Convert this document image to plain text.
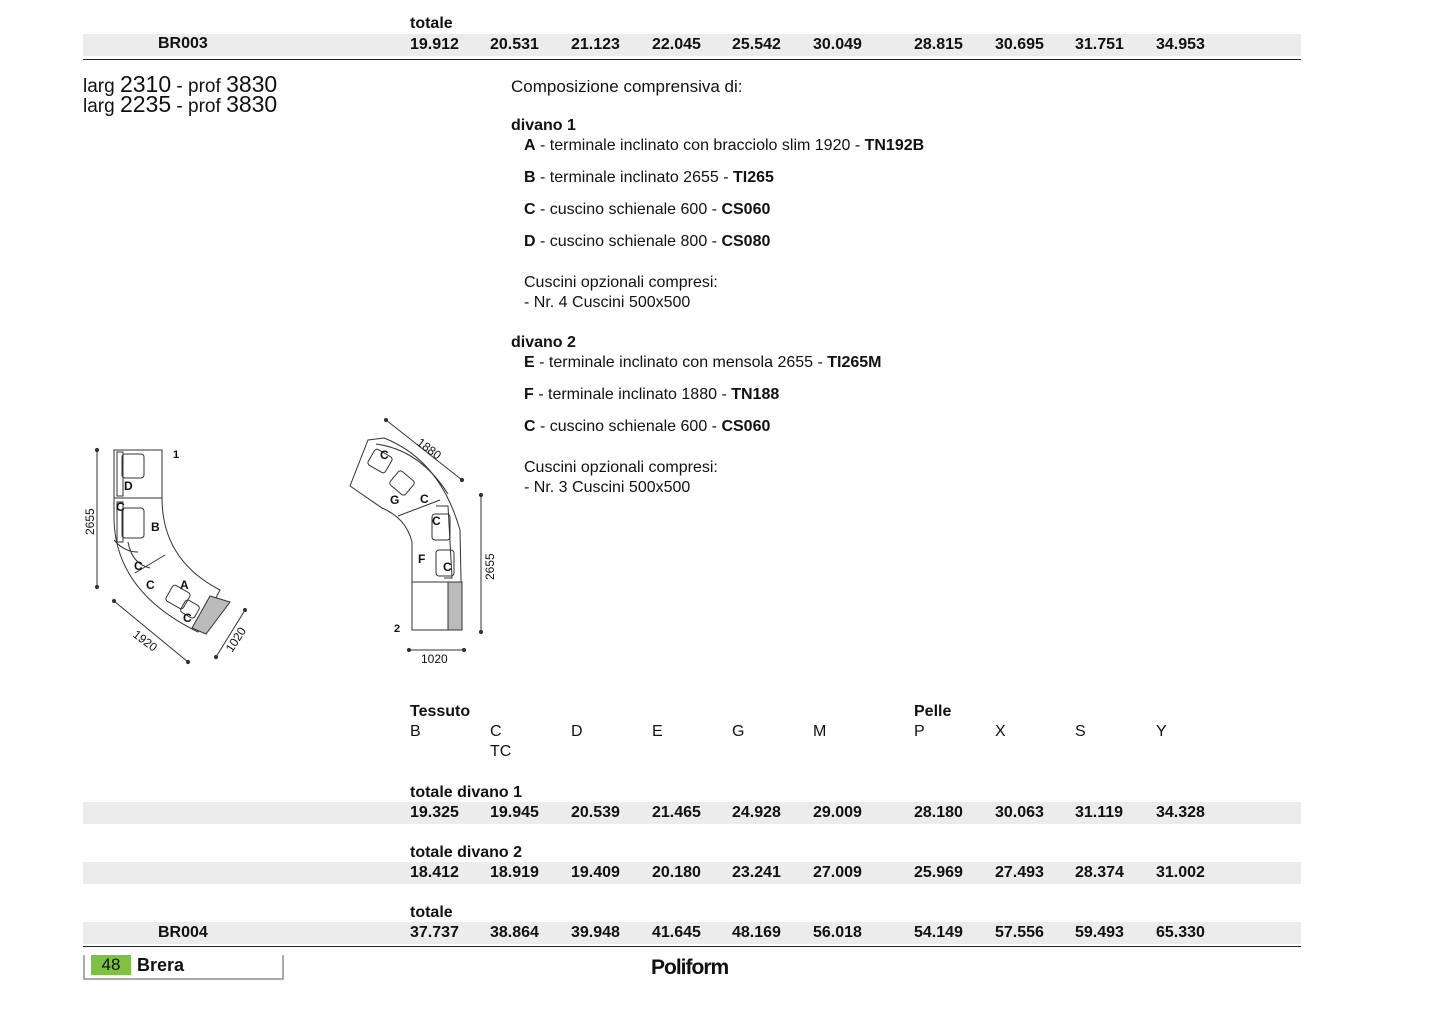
totale
BR003	19.912 20.531 21.123 22.045 25.542 30.049	28.815 30.695 31.751 34.953
larg 2310 - prof 3830
larg 2235 - prof 3830
Composizione comprensiva di:
divano 1
A - terminale inclinato con bracciolo slim 1920 - TN192B
B - terminale inclinato 2655 - TI265
C - cuscino schienale 600 - CS060
D - cuscino schienale 800 - CS080
Cuscini opzionali compresi:
- Nr. 4 Cuscini 500x500
divano 2
E - terminale inclinato con mensola 2655 - TI265M
F - terminale inclinato 1880 - TN188
C - cuscino schienale 600 - CS060
Cuscini opzionali compresi:
- Nr. 3 Cuscini 500x500
1
D
C
B
C
C A
C
2655
1920	1020
C
G C
C
F
C
2
1880
2655
1020
Tessuto	Pelle
B	C	D	E	G	M	P	X	S	Y
TC
totale divano 1
19.325 19.945 20.539 21.465 24.928 29.009	28.180 30.063 31.119 34.328
totale divano 2
18.412 18.919 19.409 20.180 23.241 27.009	25.969 27.493 28.374 31.002
totale
BR004	37.737 38.864 39.948 41.645 48.169 56.018	54.149 57.556 59.493 65.330
48 Brera	Poliform
